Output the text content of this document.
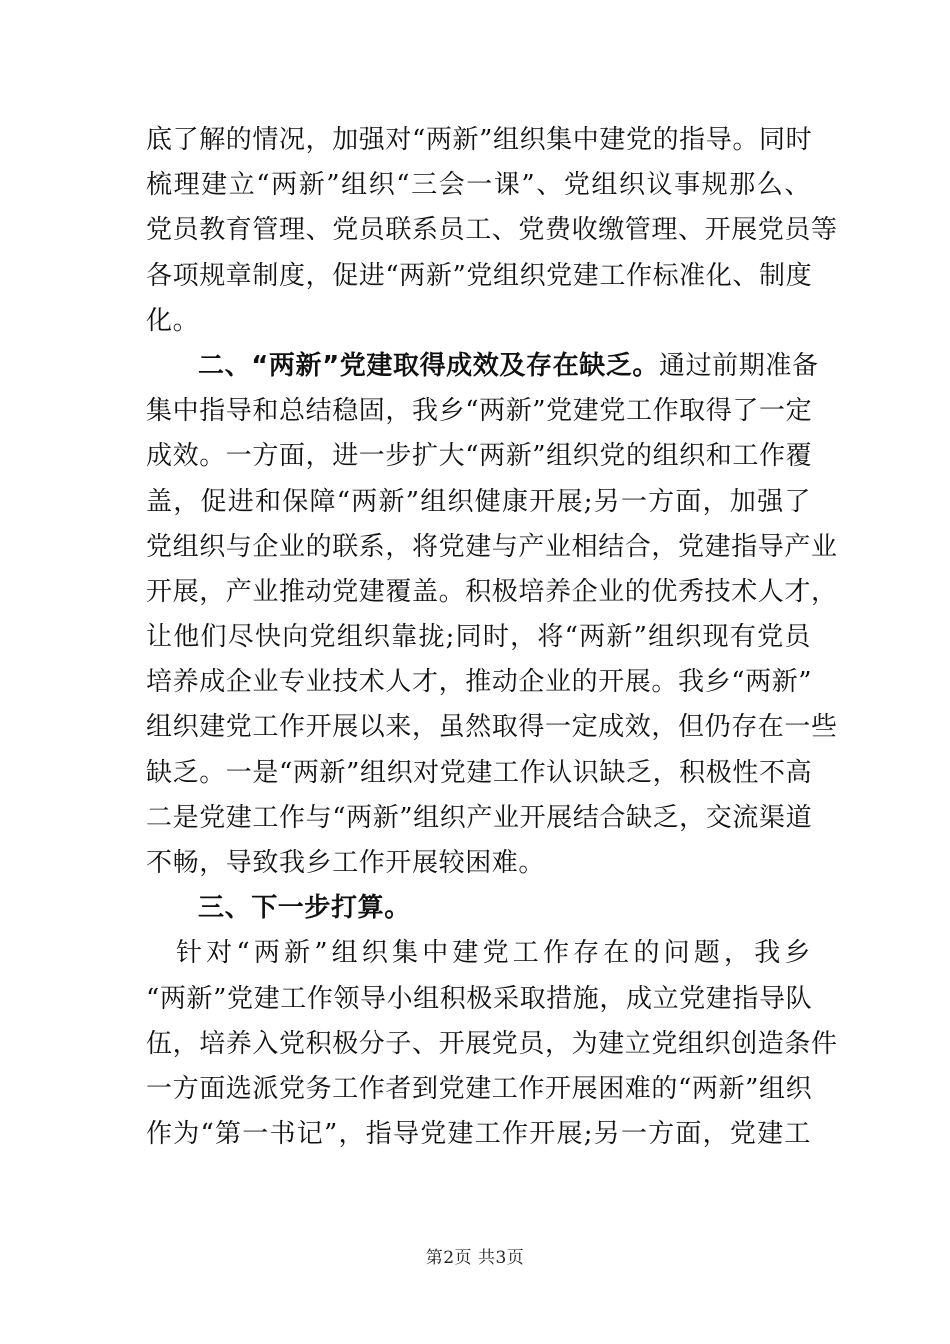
底了解的情况，加强对“两新”组织集中建党的指导。同时
梳理建立“两新”组织“三会一课”、党组织议事规那么、
党员教育管理、党员联系员工、党费收缴管理、开展党员等
各项规章制度，促进“两新”党组织党建工作标准化、制度
化。
二、“两新”党建取得成效及存在缺乏。通过前期准备
集中指导和总结稳固，我乡“两新”党建党工作取得了一定
成效。一方面，进一步扩大“两新”组织党的组织和工作覆
盖，促进和保障“两新”组织健康开展;另一方面，加强了
党组织与企业的联系，将党建与产业相结合，党建指导产业
开展，产业推动党建覆盖。积极培养企业的优秀技术人才，
让他们尽快向党组织靠拢;同时，将“两新”组织现有党员
培养成企业专业技术人才，推动企业的开展。我乡“两新”
组织建党工作开展以来，虽然取得一定成效，但仍存在一些
缺乏。一是“两新”组织对党建工作认识缺乏，积极性不高
二是党建工作与“两新”组织产业开展结合缺乏，交流渠道
不畅，导致我乡工作开展较困难。
三、下一步打算。
针对“两新”组织集中建党工作存在的问题，我乡
“两新”党建工作领导小组积极采取措施，成立党建指导队
伍，培养入党积极分子、开展党员，为建立党组织创造条件
一方面选派党务工作者到党建工作开展困难的“两新”组织
作为“第一书记”，指导党建工作开展;另一方面，党建工
第2页 共3页
